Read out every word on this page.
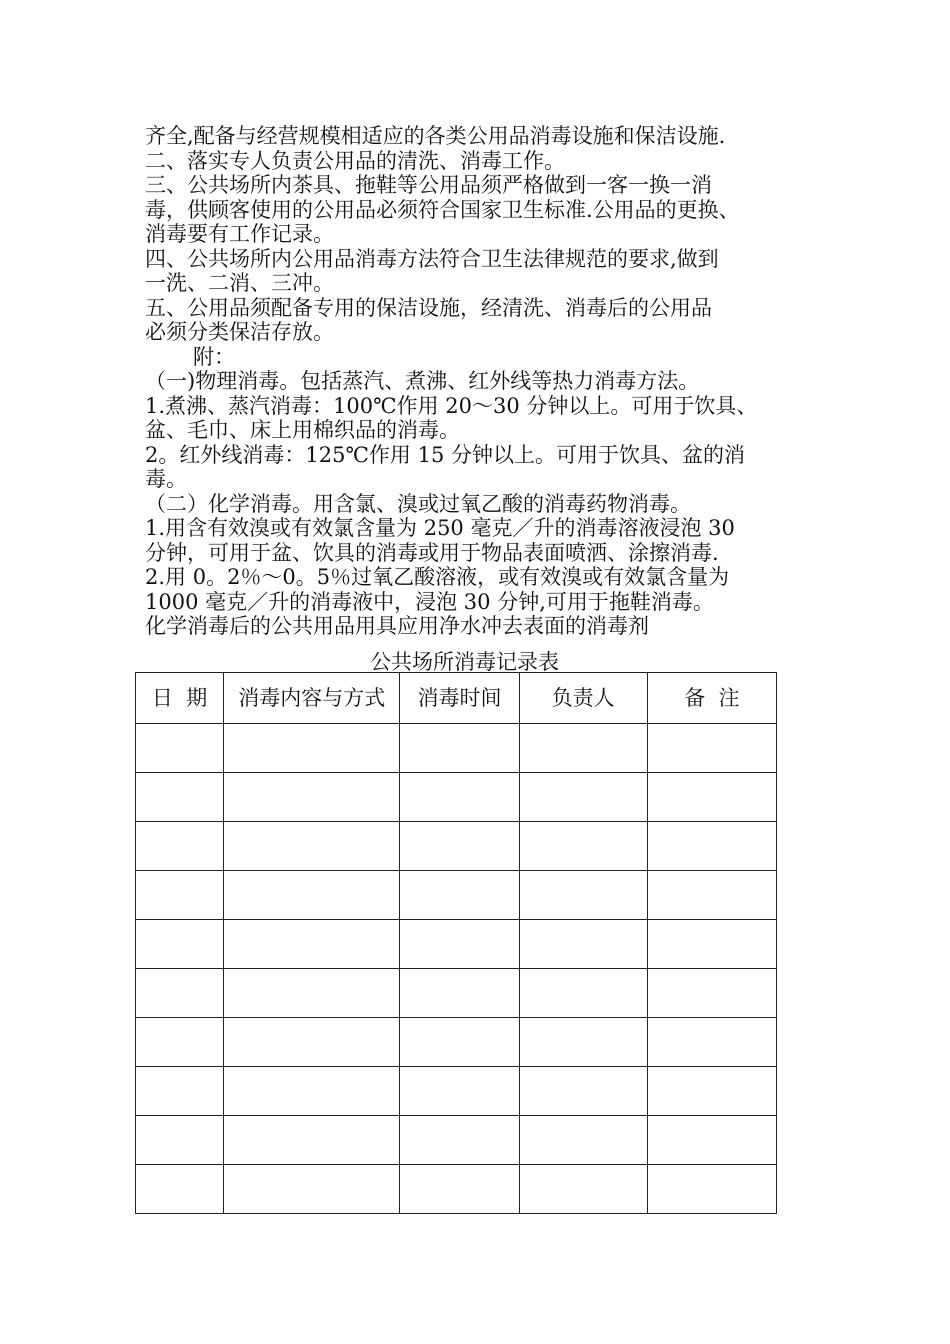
齐全,配备与经营规模相适应的各类公用品消毒设施和保洁设施.
二、落实专人负责公用品的清洗、消毒工作。
三、公共场所内茶具、拖鞋等公用品须严格做到一客一换一消
毒，供顾客使用的公用品必须符合国家卫生标准.公用品的更换、
消毒要有工作记录。
四、公共场所内公用品消毒方法符合卫生法律规范的要求,做到
一洗、二消、三冲。
五、公用品须配备专用的保洁设施，经清洗、消毒后的公用品
必须分类保洁存放。
附：
（一)物理消毒。包括蒸汽、煮沸、红外线等热力消毒方法。
1.煮沸、蒸汽消毒：100℃作用 20～30 分钟以上。可用于饮具、
盆、毛巾、床上用棉织品的消毒。
2。红外线消毒：125℃作用 15 分钟以上。可用于饮具、盆的消
毒。
（二）化学消毒。用含氯、溴或过氧乙酸的消毒药物消毒。
1.用含有效溴或有效氯含量为 250 毫克／升的消毒溶液浸泡 30
分钟，可用于盆、饮具的消毒或用于物品表面喷洒、涂擦消毒.
2.用 0。2％～0。5％过氧乙酸溶液，或有效溴或有效氯含量为
1000 毫克／升的消毒液中，浸泡 30 分钟,可用于拖鞋消毒。
化学消毒后的公共用品用具应用净水冲去表面的消毒剂
公共场所消毒记录表
日  期	消毒内容与方式	消毒时间	负责人	备  注
